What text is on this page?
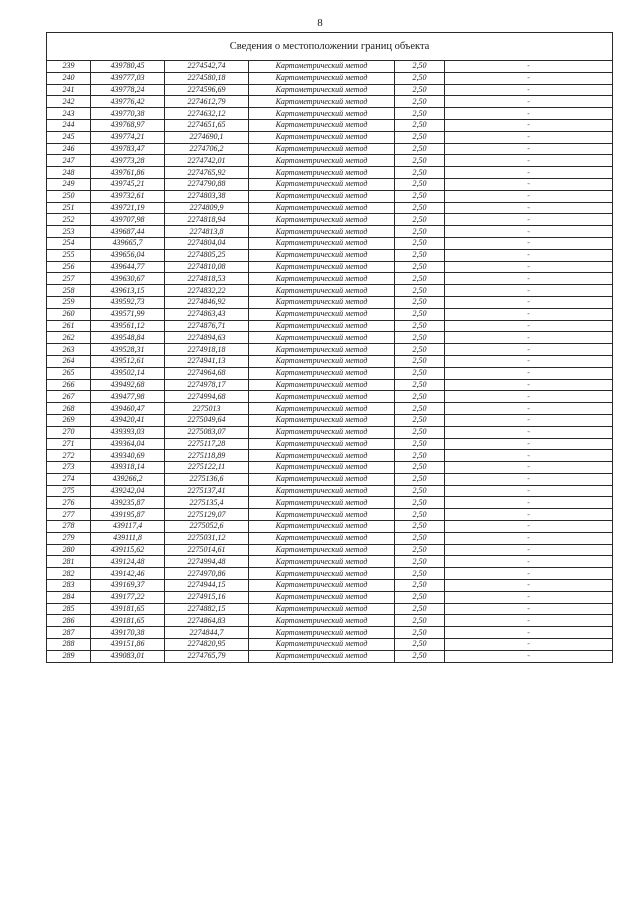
8
Сведения о местоположении границ объекта					
239	439780,45	2274542,74	Картометрический метод	2,50	-
240	439777,03	2274580,18	Картометрический метод	2,50	-
241	439778,24	2274596,69	Картометрический метод	2,50	-
242	439776,42	2274612,79	Картометрический метод	2,50	-
243	439770,38	2274632,12	Картометрический метод	2,50	-
244	439768,97	2274651,65	Картометрический метод	2,50	-
245	439774,21	2274690,1	Картометрический метод	2,50	-
246	439783,47	2274706,2	Картометрический метод	2,50	-
247	439773,28	2274742,01	Картометрический метод	2,50	-
248	439761,86	2274765,92	Картометрический метод	2,50	-
249	439745,21	2274790,88	Картометрический метод	2,50	-
250	439732,61	2274803,38	Картометрический метод	2,50	-
251	439721,19	2274809,9	Картометрический метод	2,50	-
252	439707,98	2274818,94	Картометрический метод	2,50	-
253	439687,44	2274813,8	Картометрический метод	2,50	-
254	439665,7	2274804,04	Картометрический метод	2,50	-
255	439656,04	2274805,25	Картометрический метод	2,50	-
256	439644,77	2274810,08	Картометрический метод	2,50	-
257	439630,67	2274818,53	Картометрический метод	2,50	-
258	439613,15	2274832,22	Картометрический метод	2,50	-
259	439592,73	2274846,92	Картометрический метод	2,50	-
260	439571,99	2274863,43	Картометрический метод	2,50	-
261	439561,12	2274876,71	Картометрический метод	2,50	-
262	439548,84	2274894,63	Картометрический метод	2,50	-
263	439528,31	2274918,18	Картометрический метод	2,50	-
264	439512,61	2274941,13	Картометрический метод	2,50	-
265	439502,14	2274964,68	Картометрический метод	2,50	-
266	439492,68	2274978,17	Картометрический метод	2,50	-
267	439477,98	2274994,68	Картометрический метод	2,50	-
268	439460,47	2275013	Картометрический метод	2,50	-
269	439420,41	2275049,64	Картометрический метод	2,50	-
270	439393,03	2275083,07	Картометрический метод	2,50	-
271	439364,04	2275117,28	Картометрический метод	2,50	-
272	439340,69	2275118,89	Картометрический метод	2,50	-
273	439318,14	2275122,11	Картометрический метод	2,50	-
274	439266,2	2275136,6	Картометрический метод	2,50	-
275	439242,04	2275137,41	Картометрический метод	2,50	-
276	439235,87	2275135,4	Картометрический метод	2,50	-
277	439195,87	2275129,07	Картометрический метод	2,50	-
278	439117,4	2275052,6	Картометрический метод	2,50	-
279	439111,8	2275031,12	Картометрический метод	2,50	-
280	439115,62	2275014,61	Картометрический метод	2,50	-
281	439124,48	2274994,48	Картометрический метод	2,50	-
282	439142,46	2274970,86	Картометрический метод	2,50	-
283	439169,37	2274944,15	Картометрический метод	2,50	-
284	439177,22	2274915,16	Картометрический метод	2,50	-
285	439181,65	2274882,15	Картометрический метод	2,50	-
286	439181,65	2274864,83	Картометрический метод	2,50	-
287	439170,38	2274844,7	Картометрический метод	2,50	-
288	439151,86	2274820,95	Картометрический метод	2,50	-
289	439083,01	2274765,79	Картометрический метод	2,50	-
